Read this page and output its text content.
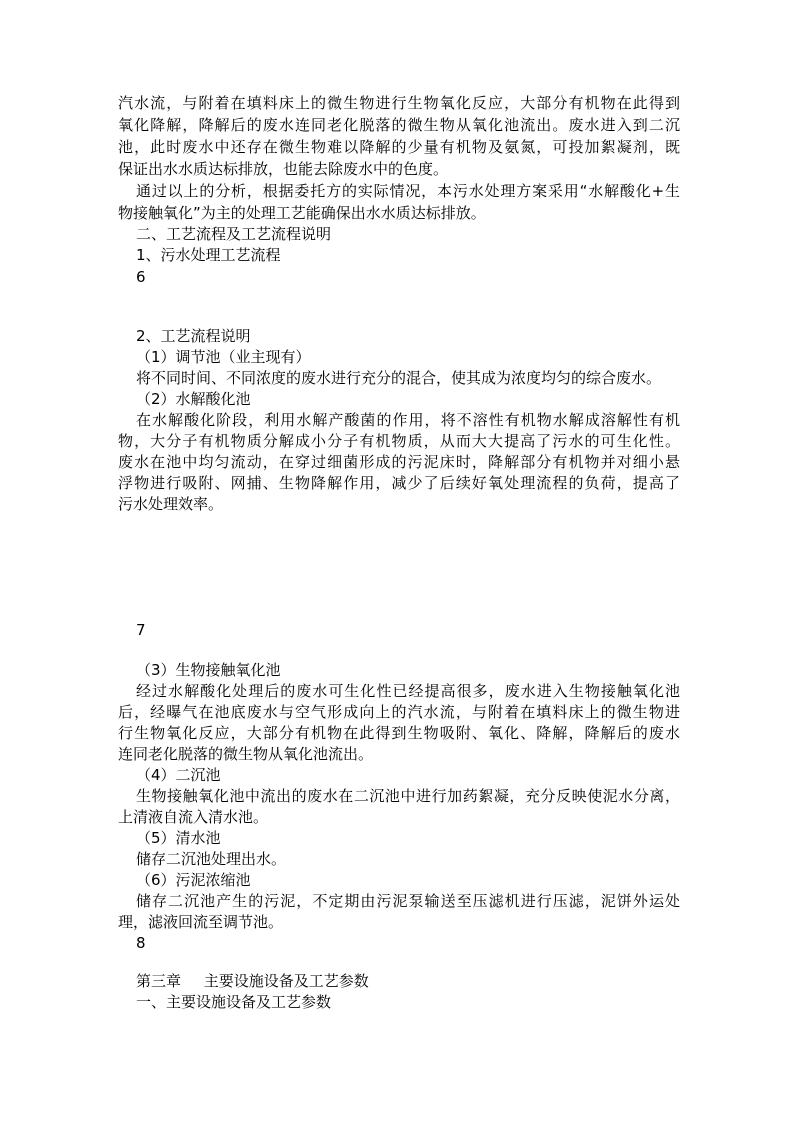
汽水流，与附着在填料床上的微生物进行生物氧化反应，大部分有机物在此得到
氧化降解，降解后的废水连同老化脱落的微生物从氧化池流出。废水进入到二沉
池，此时废水中还存在微生物难以降解的少量有机物及氨氮，可投加絮凝剂，既
保证出水水质达标排放，也能去除废水中的色度。
通过以上的分析，根据委托方的实际情况，本污水处理方案采用“水解酸化+生
物接触氧化”为主的处理工艺能确保出水水质达标排放。
二、工艺流程及工艺流程说明
1、污水处理工艺流程
6
2、工艺流程说明
（1）调节池（业主现有）
将不同时间、不同浓度的废水进行充分的混合，使其成为浓度均匀的综合废水。
（2）水解酸化池
在水解酸化阶段，利用水解产酸菌的作用，将不溶性有机物水解成溶解性有机
物，大分子有机物质分解成小分子有机物质，从而大大提高了污水的可生化性。
废水在池中均匀流动，在穿过细菌形成的污泥床时，降解部分有机物并对细小悬
浮物进行吸附、网捕、生物降解作用，减少了后续好氧处理流程的负荷，提高了
污水处理效率。
7
（3）生物接触氧化池
经过水解酸化处理后的废水可生化性已经提高很多，废水进入生物接触氧化池
后，经曝气在池底废水与空气形成向上的汽水流，与附着在填料床上的微生物进
行生物氧化反应，大部分有机物在此得到生物吸附、氧化、降解，降解后的废水
连同老化脱落的微生物从氧化池流出。
（4）二沉池
生物接触氧化池中流出的废水在二沉池中进行加药絮凝，充分反映使泥水分离，
上清液自流入清水池。
（5）清水池
储存二沉池处理出水。
（6）污泥浓缩池
储存二沉池产生的污泥，不定期由污泥泵输送至压滤机进行压滤，泥饼外运处
理，滤液回流至调节池。
8
第三章 主要设施设备及工艺参数
一、主要设施设备及工艺参数
